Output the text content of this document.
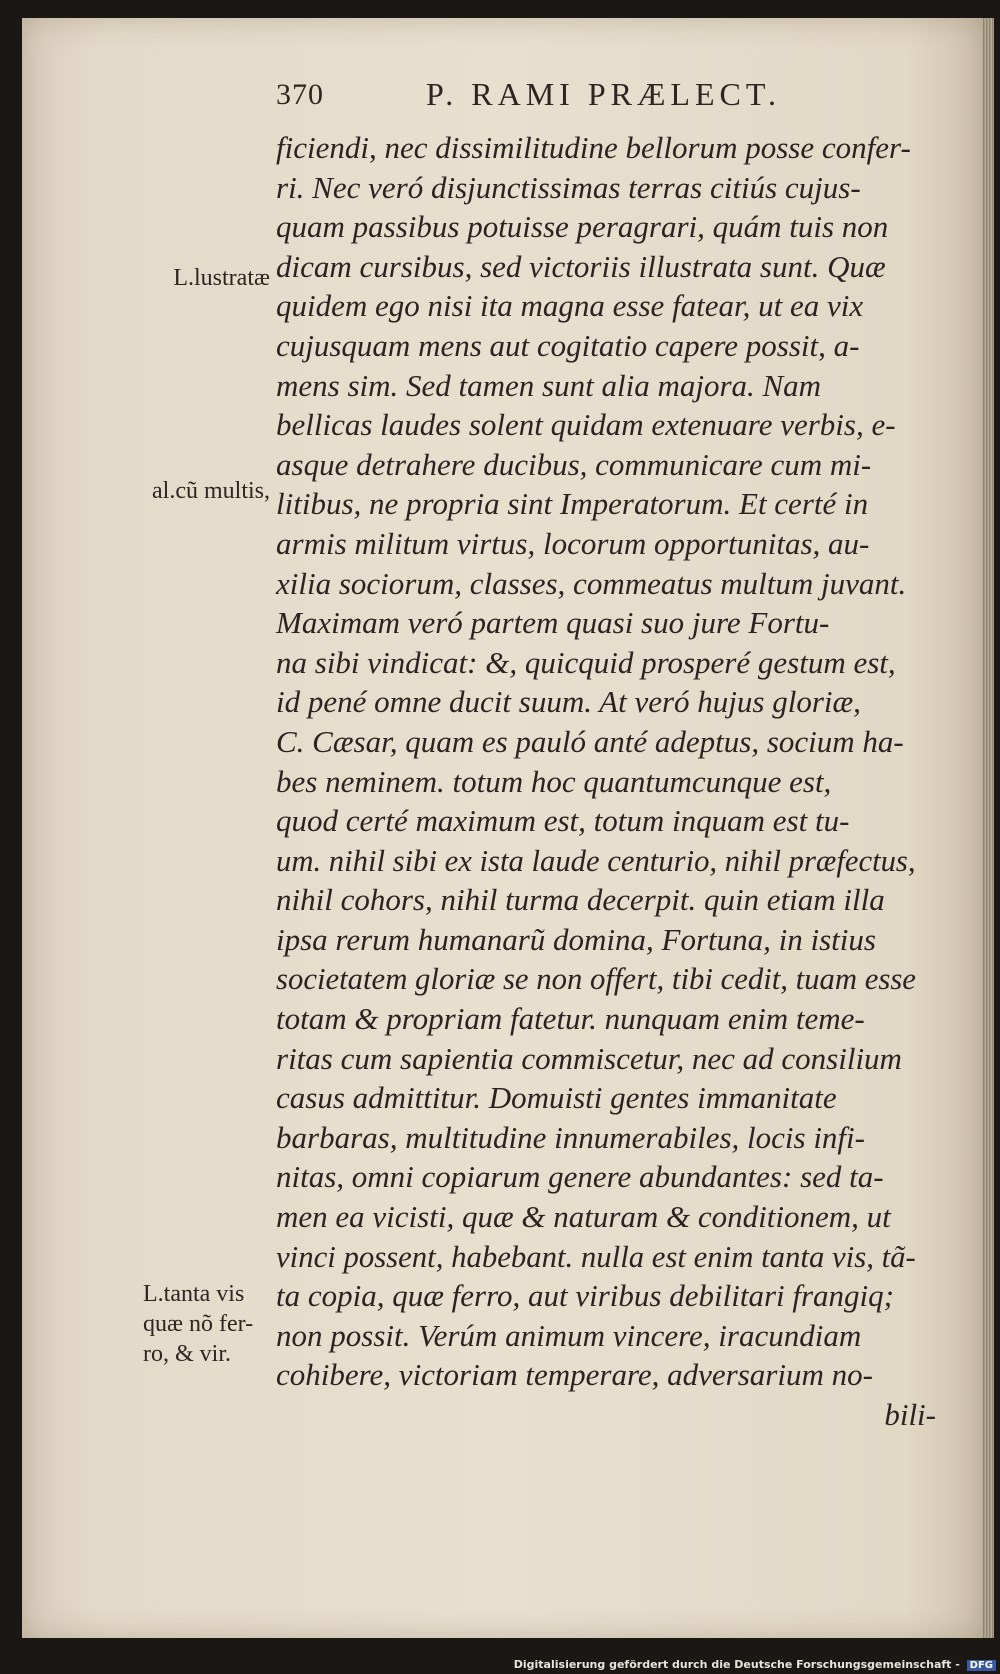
370	P. RAMI PRÆLECT.
ficiendi, nec dissimilitudine bellorum posse confer-
ri. Nec veró disjunctissimas terras citiús cujus-
quam passibus potuisse peragrari, quám tuis non
dicam cursibus, sed victoriis illustrata sunt. Quæ
quidem ego nisi ita magna esse fatear, ut ea vix
cujusquam mens aut cogitatio capere possit, a-
mens sim. Sed tamen sunt alia majora. Nam
bellicas laudes solent quidam extenuare verbis, e-
asque detrahere ducibus, communicare cum mi-
litibus, ne propria sint Imperatorum. Et certé in
armis militum virtus, locorum opportunitas, au-
xilia sociorum, classes, commeatus multum juvant.
Maximam veró partem quasi suo jure Fortu-
na sibi vindicat: &, quicquid prosperé gestum est,
id pené omne ducit suum. At veró hujus gloriæ,
C. Cæsar, quam es pauló anté adeptus, socium ha-
bes neminem. totum hoc quantumcunque est,
quod certé maximum est, totum inquam est tu-
um. nihil sibi ex ista laude centurio, nihil præfectus,
nihil cohors, nihil turma decerpit. quin etiam illa
ipsa rerum humanarũ domina, Fortuna, in istius
societatem gloriæ se non offert, tibi cedit, tuam esse
totam & propriam fatetur. nunquam enim teme-
ritas cum sapientia commiscetur, nec ad consilium
casus admittitur. Domuisti gentes immanitate
barbaras, multitudine innumerabiles, locis infi-
nitas, omni copiarum genere abundantes: sed ta-
men ea vicisti, quæ & naturam & conditionem, ut
vinci possent, habebant. nulla est enim tanta vis, tã-
ta copia, quæ ferro, aut viribus debilitari frangiq;
non possit. Verúm animum vincere, iracundiam
cohibere, victoriam temperare, adversarium no-
bili-
L.lustratæ
al.cũ multis,
L.tanta vis
quæ nõ fer-
ro, & vir.
Digitalisierung gefördert durch die Deutsche Forschungsgemeinschaft - DFG
